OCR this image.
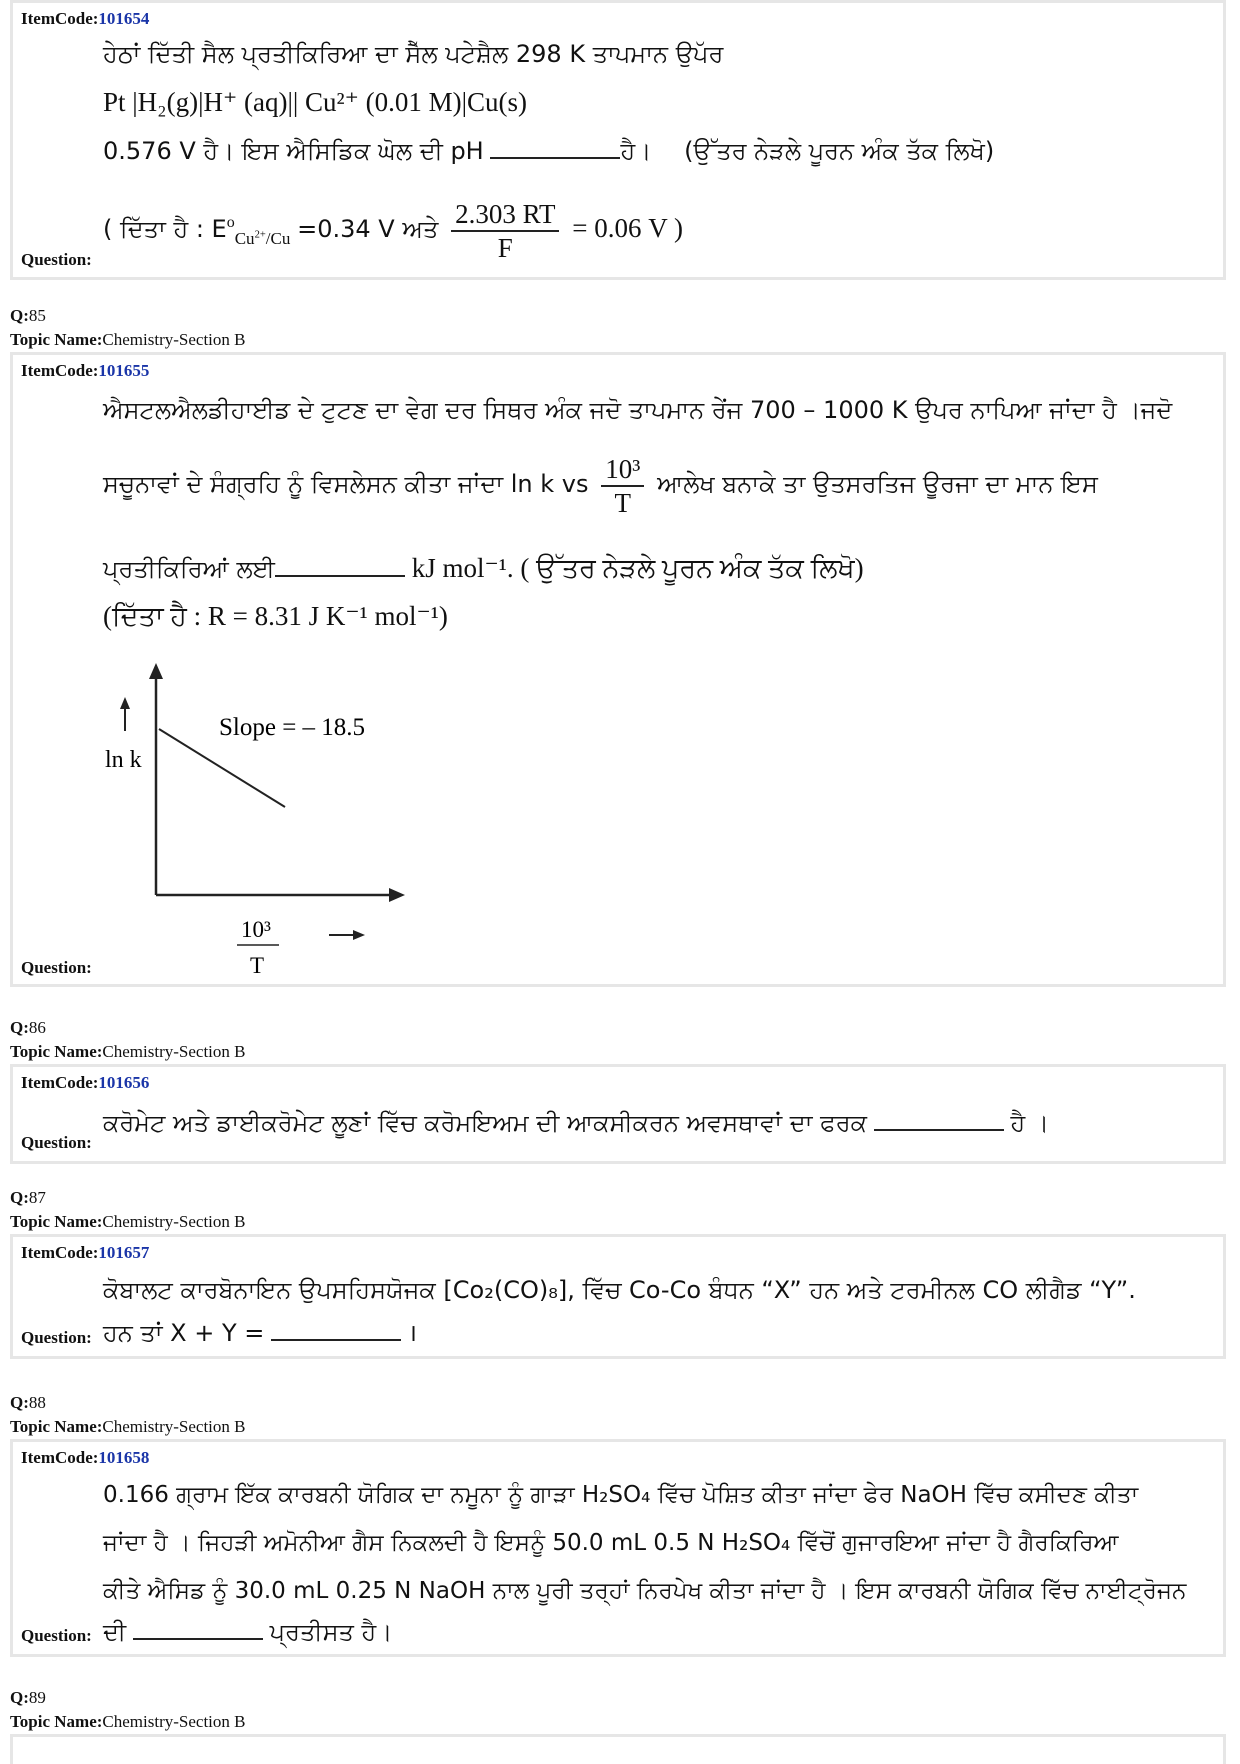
ItemCode:101654
ਹੇਠਾਂ ਦਿੱਤੀ ਸੈਲ ਪ੍ਰਤੀਕਿਰਿਆ ਦਾ ਸੈੱਲ ਪਟੇਸ਼ੈਲ 298 K ਤਾਪਮਾਨ ਉਪੱਰ
Pt |H₂(g)|H⁺ (aq)|| Cu²⁺ (0.01 M)|Cu(s)
0.576 V ਹੈ। ਇਸ ਐਸਿਡਿਕ ਘੋਲ ਦੀ pH	ਹੈ। (ਉੱਤਰ ਨੇੜਲੇ ਪੂਰਨ ਅੰਕ ਤੱਕ ਲਿਖੋ)
( ਦਿੱਤਾ ਹੈ : $E^o_{Cu^{2+}/Cu} =0.34$ V ਅਤੇ $\frac{2.303 RT}{F} = 0.06$ V )
Question:
Q:85
Topic Name:Chemistry-Section B
ItemCode:101655
ਐਸਟਲਐਲਡੀਹਾਈਡ ਦੇ ਟੁਟਣ ਦਾ ਵੇਗ ਦਰ ਸਿਥਰ ਅੰਕ ਜਦੋ ਤਾਪਮਾਨ ਰੇਂਜ 700 – 1000 K ਉਪਰ ਨਾਪਿਆ ਜਾਂਦਾ ਹੈ ।ਜਦੋ
ਸਚੂਨਾਵਾਂ ਦੇ ਸੰਗ੍ਰਹਿ ਨੂੰ ਵਿਸਲੇਸਨ ਕੀਤਾ ਜਾਂਦਾ ln k vs $\frac{\text{10³}}{T}$ ਆਲੇਖ ਬਨਾਕੇ ਤਾ ਉਤਸਰਤਿਜ ਊਰਜਾ ਦਾ ਮਾਨ ਇਸ
ਪ੍ਰਤੀਕਿਰਿਆਂ ਲਈ	kJ mol⁻¹. ( ਉੱਤਰ ਨੇੜਲੇ ਪੂਰਨ ਅੰਕ ਤੱਕ ਲਿਖੋ)
(ਦਿੱਤਾ ਹੈ : R = 8.31 J K⁻¹ mol⁻¹)
ln k
Slope = – 18.5
10³
T
Question:
Q:86
Topic Name:Chemistry-Section B
ItemCode:101656
ਕਰੋਮੇਟ ਅਤੇ ਡਾਈਕਰੋਮੇਟ ਲੂਣਾਂ ਵਿੱਚ ਕਰੋਮਇਅਮ ਦੀ ਆਕਸੀਕਰਨ ਅਵਸਥਾਵਾਂ ਦਾ ਫਰਕ	ਹੈ ।
Question:
Q:87
Topic Name:Chemistry-Section B
ItemCode:101657
ਕੋਬਾਲਟ ਕਾਰਬੋਨਾਇਨ ਉਪਸਹਿਸਯੋਜਕ [Co₂(CO)₈], ਵਿੱਚ Co-Co ਬੰਧਨ “X” ਹਨ ਅਤੇ ਟਰਮੀਨਲ CO ਲੀਗੈਡ “Y”.
ਹਨ ਤਾਂ X + Y =	।
Question:
Q:88
Topic Name:Chemistry-Section B
ItemCode:101658
0.166 ਗ੍ਰਾਮ ਇੱਕ ਕਾਰਬਨੀ ਯੋਗਿਕ ਦਾ ਨਮੂਨਾ ਨੂੰ ਗਾੜਾ H₂SO₄ ਵਿੱਚ ਪੋਸ਼ਿਤ ਕੀਤਾ ਜਾਂਦਾ ਫੇਰ NaOH ਵਿੱਚ ਕਸੀਦਣ ਕੀਤਾ
ਜਾਂਦਾ ਹੈ । ਜਿਹੜੀ ਅਮੋਨੀਆ ਗੈਸ ਨਿਕਲਦੀ ਹੈ ਇਸਨੂੰ 50.0 mL 0.5 N H₂SO₄ ਵਿੱਚੋਂ ਗੁਜਾਰਇਆ ਜਾਂਦਾ ਹੈ ਗੈਰਕਿਰਿਆ
ਕੀਤੇ ਐਸਿਡ ਨੂੰ 30.0 mL 0.25 N NaOH ਨਾਲ ਪੂਰੀ ਤਰ੍ਹਾਂ ਨਿਰਪੇਖ ਕੀਤਾ ਜਾਂਦਾ ਹੈ । ਇਸ ਕਾਰਬਨੀ ਯੋਗਿਕ ਵਿੱਚ ਨਾਈਟ੍ਰੋਜਨ
ਦੀ	ਪ੍ਰਤੀਸਤ ਹੈ।
Question:
Q:89
Topic Name:Chemistry-Section B
